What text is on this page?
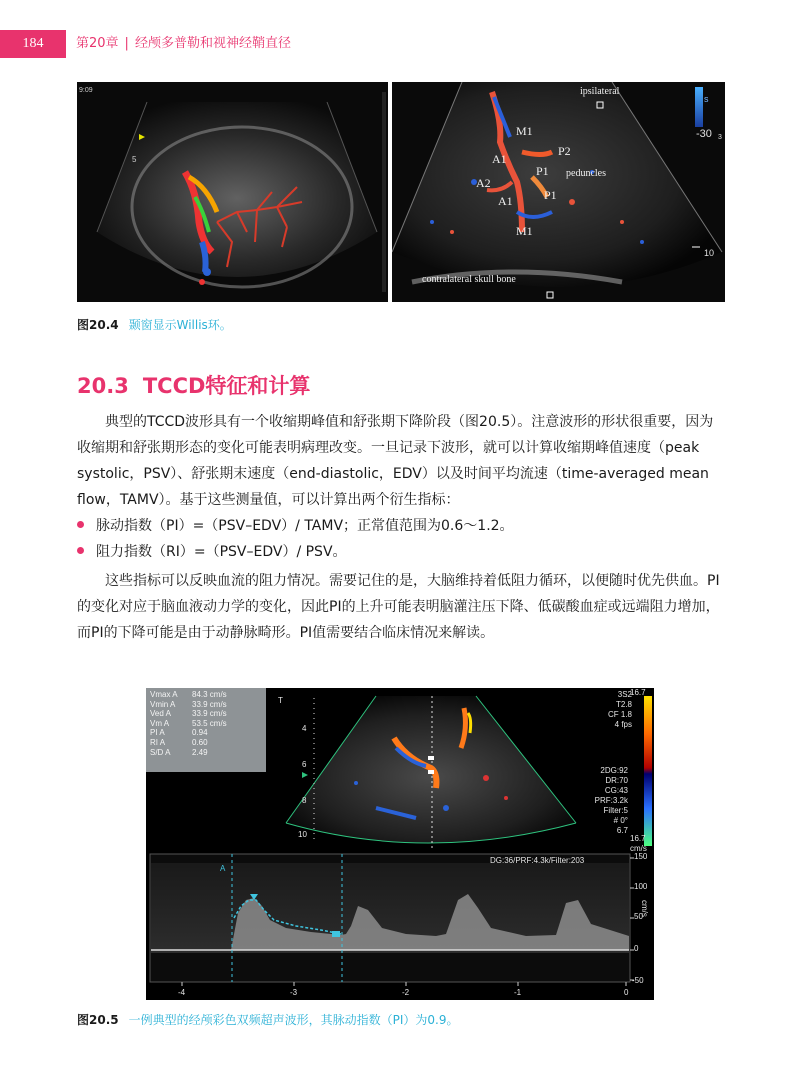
184	第20章 | 经颅多普勒和视神经鞘直径
9:09
5
ipsilateral
M1
A1
P2
P1 peduncles
A2
A1	P1
M1
contralateral skull bone
s
-30 3
10
图20.4 颞窗显示Willis环。
20.3 TCCD特征和计算
典型的TCCD波形具有一个收缩期峰值和舒张期下降阶段（图20.5）。注意波形的形状很重要，因为收缩期和舒张期形态的变化可能表明病理改变。一旦记录下波形，就可以计算收缩期峰值速度（peak systolic，PSV）、舒张期末速度（end-diastolic，EDV）以及时间平均流速（time-averaged mean flow，TAMV）。基于这些测量值，可以计算出两个衍生指标：
脉动指数（PI）=（PSV–EDV）/ TAMV；正常值范围为0.6～1.2。
阻力指数（RI）=（PSV–EDV）/ PSV。
这些指标可以反映血流的阻力情况。需要记住的是，大脑维持着低阻力循环，以便随时优先供血。PI的变化对应于脑血液动力学的变化，因此PI的上升可能表明脑灌注压下降、低碳酸血症或远端阻力增加，而PI的下降可能是由于动静脉畸形。PI值需要结合临床情况来解读。
Vmax A 84.3 cm/s
Vmin A 33.9 cm/s
Ved A	33.9 cm/s
Vm A	53.5 cm/s
PI A	0.94
RI A	0.60
S/D A	2.49
3S2
T2.8
CF 1.8
4 fps
2DG:92
DR:70
CG:43
PRF:3.2k
Filter:5
# 0°
6.7
16.7
16.7
cm/s
T
4
6
8
10
DG:36/PRF:4.3k/Filter:203
A
150
100
50
0
-50
cm/s
-4	-3	-2	-1	0
图20.5 一例典型的经颅彩色双频超声波形，其脉动指数（PI）为0.9。
